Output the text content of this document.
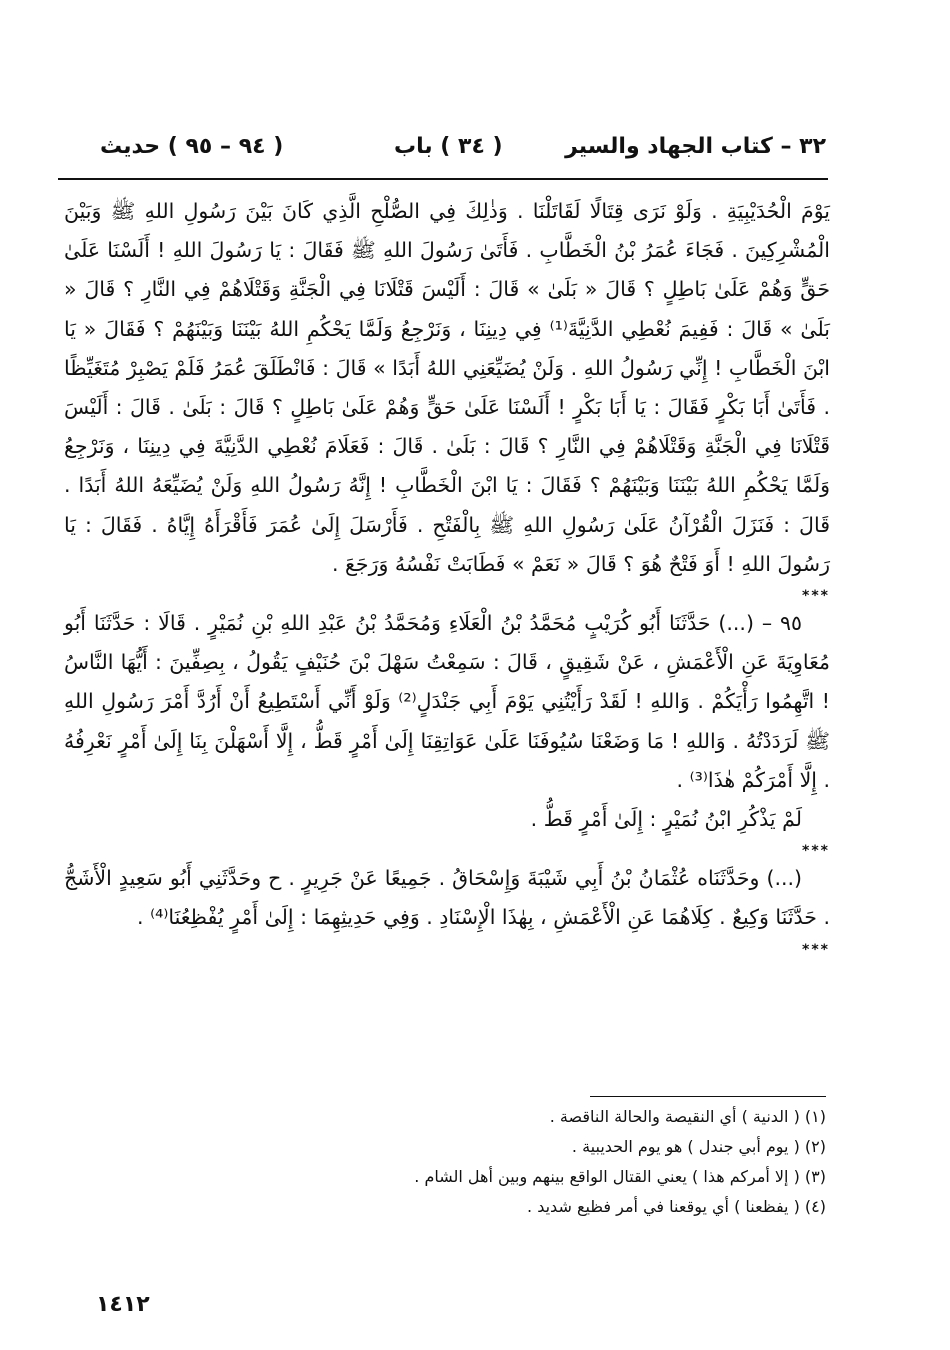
٣٢ – كتاب الجهاد والسير
( ٣٤ ) باب
( ٩٤ – ٩٥ ) حديث

يَوْمَ الْحُدَيْبِيَةِ . وَلَوْ نَرَى قِتَالًا لَقَاتَلْنَا . وَذٰلِكَ فِي الصُّلْحِ الَّذِي كَانَ بَيْنَ رَسُولِ اللهِ ﷺ وَبَيْنَ الْمُشْرِكِينَ . فَجَاءَ عُمَرُ بْنُ الْخَطَّابِ . فَأَتَىٰ رَسُولَ اللهِ ﷺ فَقَالَ : يَا رَسُولَ اللهِ ! أَلَسْنَا عَلَىٰ حَقٍّ وَهُمْ عَلَىٰ بَاطِلٍ ؟ قَالَ « بَلَىٰ » قَالَ : أَلَيْسَ قَتْلَانَا فِي الْجَنَّةِ وَقَتْلَاهُمْ فِي النَّارِ ؟ قَالَ « بَلَىٰ » قَالَ : فَفِيمَ نُعْطِي الدَّنِيَّةَ⁽¹⁾ فِي دِينِنَا ، وَنَرْجِعُ وَلَمَّا يَحْكُمِ اللهُ بَيْنَنَا وَبَيْنَهُمْ ؟ فَقَالَ « يَا ابْنَ الْخَطَّابِ ! إِنِّي رَسُولُ اللهِ . وَلَنْ يُضَيِّعَنِي اللهُ أَبَدًا » قَالَ : فَانْطَلَقَ عُمَرُ فَلَمْ يَصْبِرْ مُتَغَيِّظًا . فَأَتَىٰ أَبَا بَكْرٍ فَقَالَ : يَا أَبَا بَكْرٍ ! أَلَسْنَا عَلَىٰ حَقٍّ وَهُمْ عَلَىٰ بَاطِلٍ ؟ قَالَ : بَلَىٰ . قَالَ : أَلَيْسَ قَتْلَانَا فِي الْجَنَّةِ وَقَتْلَاهُمْ فِي النَّارِ ؟ قَالَ : بَلَىٰ . قَالَ : فَعَلَامَ نُعْطِي الدَّنِيَّةَ فِي دِينِنَا ، وَنَرْجِعُ وَلَمَّا يَحْكُمِ اللهُ بَيْنَنَا وَبَيْنَهُمْ ؟ فَقَالَ : يَا ابْنَ الْخَطَّابِ ! إِنَّهُ رَسُولُ اللهِ وَلَنْ يُضَيِّعَهُ اللهُ أَبَدًا . قَالَ : فَنَزَلَ الْقُرْآنُ عَلَىٰ رَسُولِ اللهِ ﷺ بِالْفَتْحِ . فَأَرْسَلَ إِلَىٰ عُمَرَ فَأَقْرَأَهُ إِيَّاهُ . فَقَالَ : يَا رَسُولَ اللهِ ! أَوَ فَتْحٌ هُوَ ؟ قَالَ « نَعَمْ » فَطَابَتْ نَفْسُهُ وَرَجَعَ .

***

٩٥ – (...) حَدَّثَنَا أَبُو كُرَيْبٍ مُحَمَّدُ بْنُ الْعَلَاءِ وَمُحَمَّدُ بْنُ عَبْدِ اللهِ بْنِ نُمَيْرٍ . قَالَا : حَدَّثَنَا أَبُو مُعَاوِيَةَ عَنِ الْأَعْمَشِ ، عَنْ شَقِيقٍ ، قَالَ : سَمِعْتُ سَهْلَ بْنَ حُنَيْفٍ يَقُولُ ، بِصِفِّينَ : أَيُّهَا النَّاسُ ! اتَّهِمُوا رَأْيَكُمْ . وَاللهِ ! لَقَدْ رَأَيْتُنِي يَوْمَ أَبِي جَنْدَلٍ⁽²⁾ وَلَوْ أَنِّي أَسْتَطِيعُ أَنْ أَرُدَّ أَمْرَ رَسُولِ اللهِ ﷺ لَرَدَدْتُهُ . وَاللهِ ! مَا وَضَعْنَا سُيُوفَنَا عَلَىٰ عَوَاتِقِنَا إِلَىٰ أَمْرٍ قَطُّ ، إِلَّا أَسْهَلْنَ بِنَا إِلَىٰ أَمْرٍ نَعْرِفُهُ . إِلَّا أَمْرَكُمْ هٰذَا⁽³⁾ .

لَمْ يَذْكُرِ ابْنُ نُمَيْرٍ : إِلَىٰ أَمْرٍ قَطُّ .

***

(...) وحَدَّثَنَاه عُثْمَانُ بْنُ أَبِي شَيْبَةَ وَإِسْحَاقُ . جَمِيعًا عَنْ جَرِيرٍ . ح وحَدَّثَنِي أَبُو سَعِيدٍ الْأَشَجُّ . حَدَّثَنَا وَكِيعٌ . كِلَاهُمَا عَنِ الْأَعْمَشِ ، بِهٰذَا الْإِسْنَادِ . وَفِي حَدِيثِهِمَا : إِلَىٰ أَمْرٍ يُفْظِعُنَا⁽⁴⁾ .

***
(١) ( الدنية ) أي النقيصة والحالة الناقصة .
(٢) ( يوم أبي جندل ) هو يوم الحديبية .
(٣) ( إلا أمركم هذا ) يعني القتال الواقع بينهم وبين أهل الشام .
(٤) ( يفظعنا ) أي يوقعنا في أمر فظيع شديد .
١٤١٢
